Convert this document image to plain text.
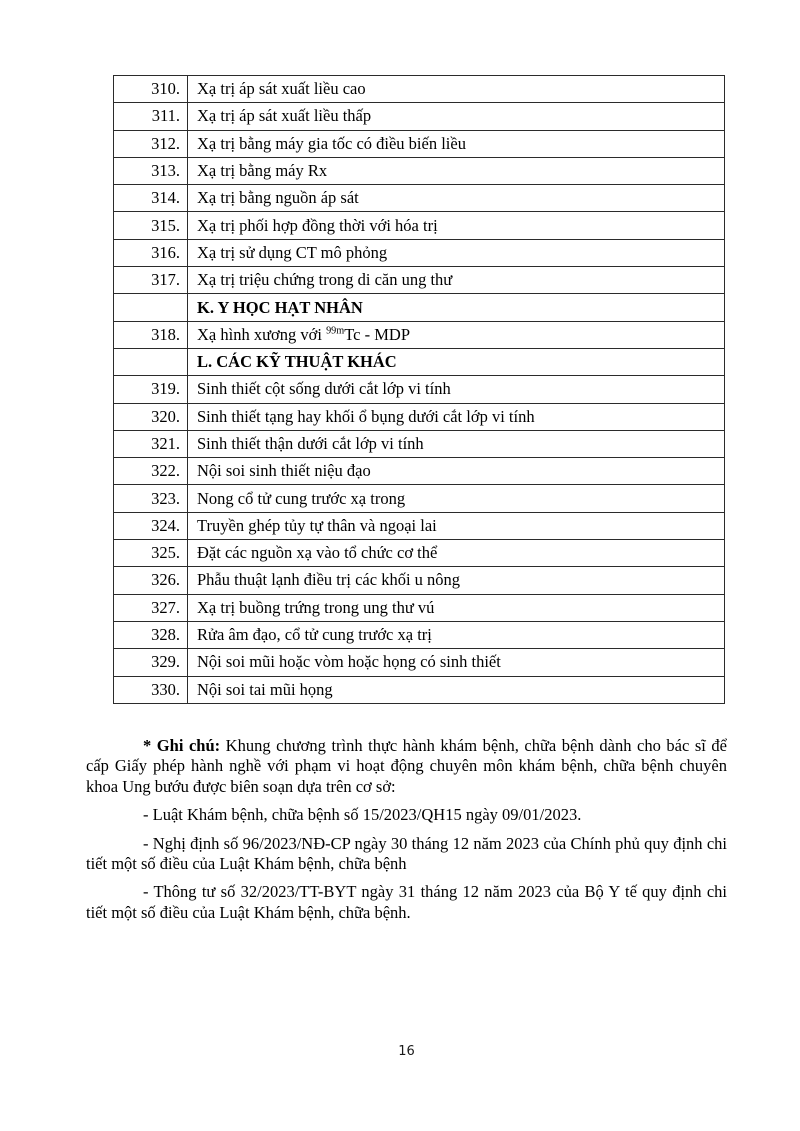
310.	Xạ trị áp sát xuất liều cao
311.	Xạ trị áp sát xuất liều thấp
312.	Xạ trị bằng máy gia tốc có điều biến liều
313.	Xạ trị bằng máy Rx
314.	Xạ trị bằng nguồn áp sát
315.	Xạ trị phối hợp đồng thời với hóa trị
316.	Xạ trị sử dụng CT mô phỏng
317.	Xạ trị triệu chứng trong di căn ung thư
	K. Y HỌC HẠT NHÂN
318.	Xạ hình xương với $^{99m}$Tc - MDP
	L. CÁC KỸ THUẬT KHÁC
319.	Sinh thiết cột sống dưới cắt lớp vi tính
320.	Sinh thiết tạng hay khối ổ bụng dưới cắt lớp vi tính
321.	Sinh thiết thận dưới cắt lớp vi tính
322.	Nội soi sinh thiết niệu đạo
323.	Nong cổ tử cung trước xạ trong
324.	Truyền ghép tủy tự thân và ngoại lai
325.	Đặt các nguồn xạ vào tổ chức cơ thể
326.	Phẫu thuật lạnh điều trị các khối u nông
327.	Xạ trị buồng trứng trong ung thư vú
328.	Rửa âm đạo, cổ tử cung trước xạ trị
329.	Nội soi mũi hoặc vòm hoặc họng có sinh thiết
330.	Nội soi tai mũi họng

* Ghi chú: Khung chương trình thực hành khám bệnh, chữa bệnh dành cho bác sĩ để cấp Giấy phép hành nghề với phạm vi hoạt động chuyên môn khám bệnh, chữa bệnh chuyên khoa Ung bướu được biên soạn dựa trên cơ sở:

- Luật Khám bệnh, chữa bệnh số 15/2023/QH15 ngày 09/01/2023.

- Nghị định số 96/2023/NĐ-CP ngày 30 tháng 12 năm 2023 của Chính phủ quy định chi tiết một số điều của Luật Khám bệnh, chữa bệnh

- Thông tư số 32/2023/TT-BYT ngày 31 tháng 12 năm 2023 của Bộ Y tế quy định chi tiết một số điều của Luật Khám bệnh, chữa bệnh.

16
